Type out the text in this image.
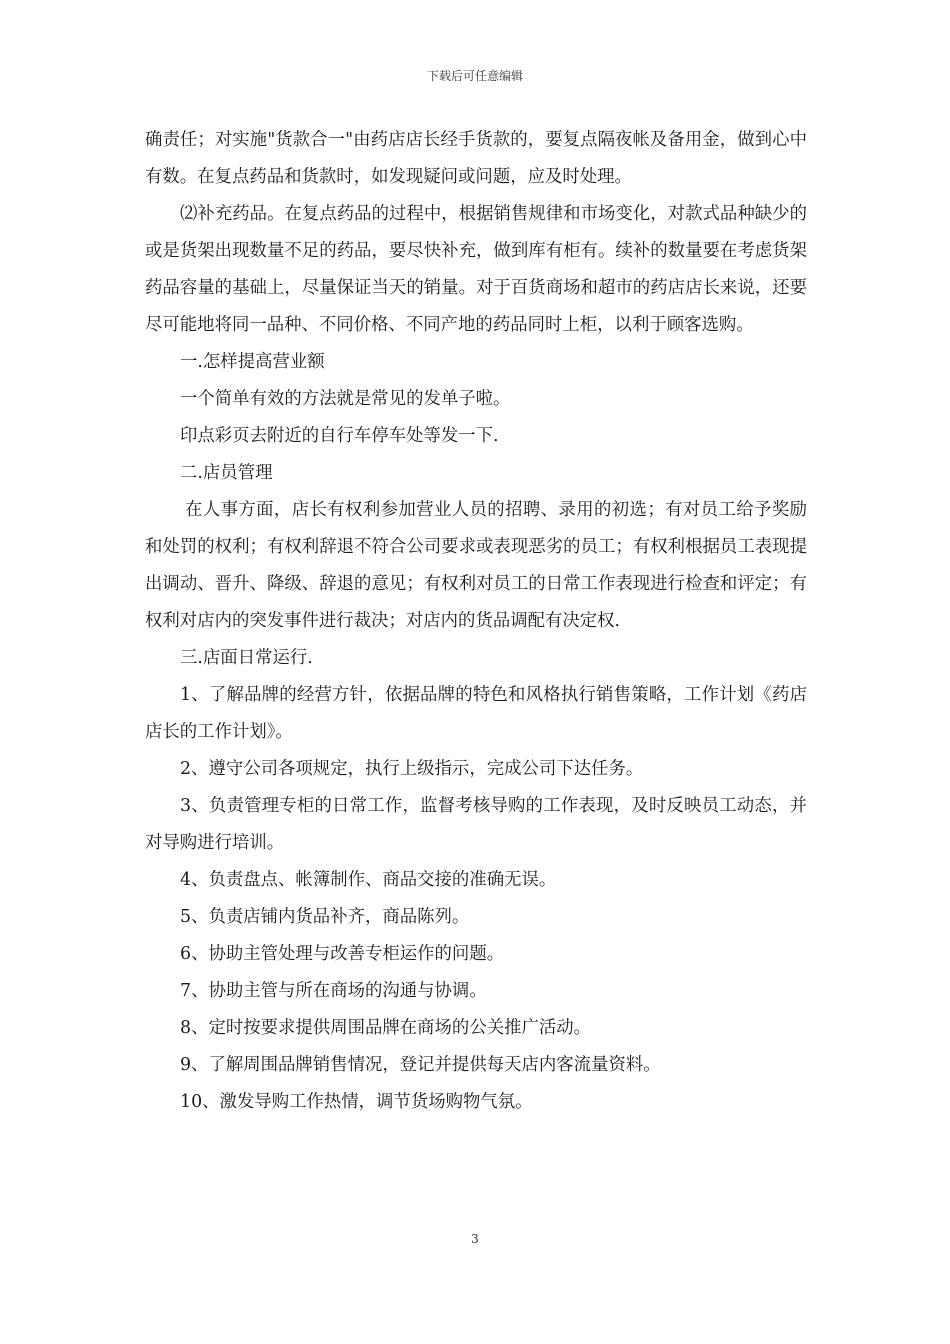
下载后可任意编辑

确责任；对实施"货款合一"由药店店长经手货款的，要复点隔夜帐及备用金，做到心中有数。在复点药品和货款时，如发现疑问或问题，应及时处理。

⑵补充药品。在复点药品的过程中，根据销售规律和市场变化，对款式品种缺少的或是货架出现数量不足的药品，要尽快补充，做到库有柜有。续补的数量要在考虑货架药品容量的基础上，尽量保证当天的销量。对于百货商场和超市的药店店长来说，还要尽可能地将同一品种、不同价格、不同产地的药品同时上柜，以利于顾客选购。

一.怎样提高营业额

一个简单有效的方法就是常见的发单子啦。

印点彩页去附近的自行车停车处等发一下.

二.店员管理

在人事方面，店长有权利参加营业人员的招聘、录用的初选；有对员工给予奖励和处罚的权利；有权利辞退不符合公司要求或表现恶劣的员工；有权利根据员工表现提出调动、晋升、降级、辞退的意见；有权利对员工的日常工作表现进行检查和评定；有权利对店内的突发事件进行裁决；对店内的货品调配有决定权.

三.店面日常运行.

1、了解品牌的经营方针，依据品牌的特色和风格执行销售策略，工作计划《药店店长的工作计划》。

2、遵守公司各项规定，执行上级指示，完成公司下达任务。

3、负责管理专柜的日常工作，监督考核导购的工作表现，及时反映员工动态，并对导购进行培训。

4、负责盘点、帐簿制作、商品交接的准确无误。

5、负责店铺内货品补齐，商品陈列。

6、协助主管处理与改善专柜运作的问题。

7、协助主管与所在商场的沟通与协调。

8、定时按要求提供周围品牌在商场的公关推广活动。

9、了解周围品牌销售情况，登记并提供每天店内客流量资料。

10、激发导购工作热情，调节货场购物气氛。

3
